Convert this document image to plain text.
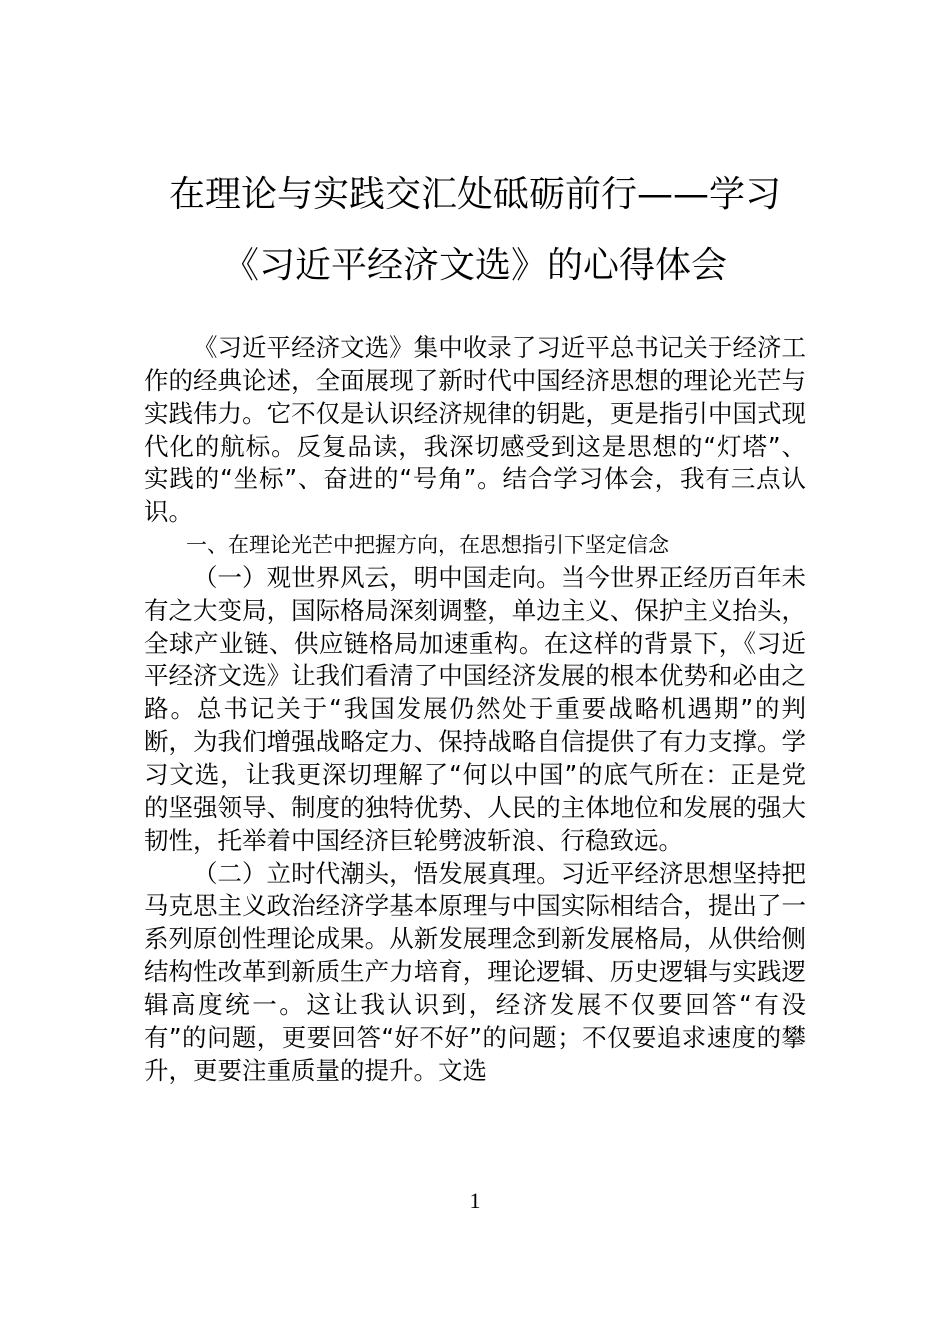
在理论与实践交汇处砥砺前行——学习
《习近平经济文选》的心得体会

《习近平经济文选》集中收录了习近平总书记关于经济工作的经典论述，全面展现了新时代中国经济思想的理论光芒与实践伟力。它不仅是认识经济规律的钥匙，更是指引中国式现代化的航标。反复品读，我深切感受到这是思想的“灯塔”、实践的“坐标”、奋进的“号角”。结合学习体会，我有三点认识。

一、在理论光芒中把握方向，在思想指引下坚定信念

（一）观世界风云，明中国走向。当今世界正经历百年未有之大变局，国际格局深刻调整，单边主义、保护主义抬头，全球产业链、供应链格局加速重构。在这样的背景下，《习近平经济文选》让我们看清了中国经济发展的根本优势和必由之路。总书记关于“我国发展仍然处于重要战略机遇期”的判断，为我们增强战略定力、保持战略自信提供了有力支撑。学习文选，让我更深切理解了“何以中国”的底气所在：正是党的坚强领导、制度的独特优势、人民的主体地位和发展的强大韧性，托举着中国经济巨轮劈波斩浪、行稳致远。

（二）立时代潮头，悟发展真理。习近平经济思想坚持把马克思主义政治经济学基本原理与中国实际相结合，提出了一系列原创性理论成果。从新发展理念到新发展格局，从供给侧结构性改革到新质生产力培育，理论逻辑、历史逻辑与实践逻辑高度统一。这让我认识到，经济发展不仅要回答“有没有”的问题，更要回答“好不好”的问题；不仅要追求速度的攀升，更要注重质量的提升。文选

1
